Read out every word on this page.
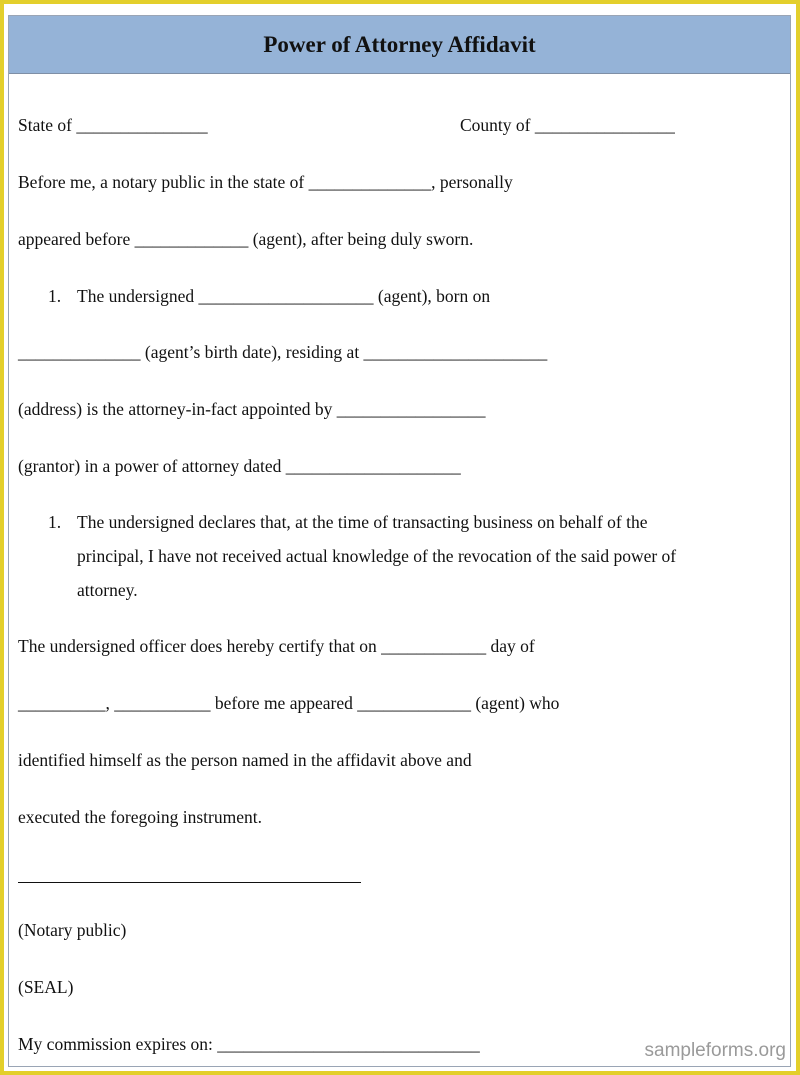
Power of Attorney Affidavit
State of _______________	County of ________________
Before me, a notary public in the state of ______________, personally
appeared before _____________ (agent), after being duly sworn.
1. The undersigned ____________________ (agent), born on
______________ (agent’s birth date), residing at _____________________
(address) is the attorney-in-fact appointed by _________________
(grantor) in a power of attorney dated ____________________
1. The undersigned declares that, at the time of transacting business on behalf of the
principal, I have not received actual knowledge of the revocation of the said power of
attorney.
The undersigned officer does hereby certify that on ____________ day of
__________, ___________ before me appeared _____________ (agent) who
identified himself as the person named in the affidavit above and
executed the foregoing instrument.
(Notary public)
(SEAL)
My commission expires on: ______________________________	sampleforms.org
